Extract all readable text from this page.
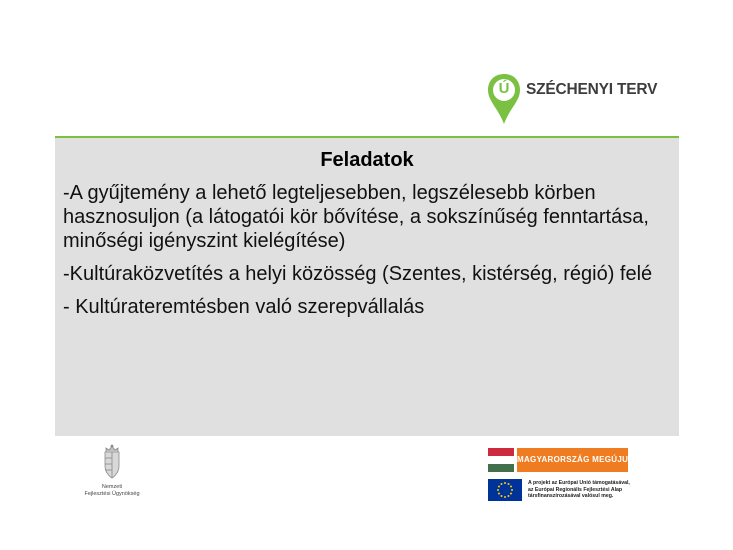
Ú SZÉCHENYI TERV
Feladatok
-A gyűjtemény a lehető legteljesebben, legszélesebb körben hasznosuljon (a látogatói kör bővítése, a sokszínűség fenntartása, minőségi igényszint kielégítése)
-Kultúraközvetítés a helyi közösség (Szentes, kistérség, régió) felé
- Kultúrateremtésben való szerepvállalás
Nemzeti
Fejlesztési Ügynökség
MAGYARORSZÁG MEGÚJUL
A projekt az Európai Unió támogatásával,
az Európai Regionális Fejlesztési Alap
társfinanszírozásával valósul meg.
